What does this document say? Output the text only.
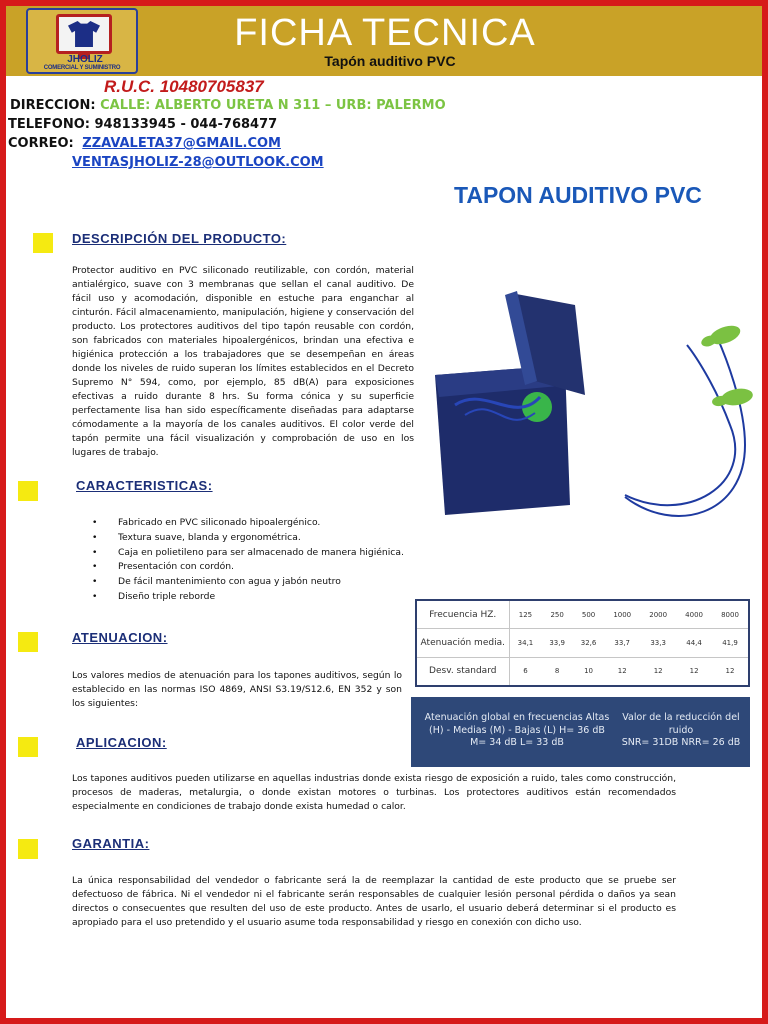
JHOLIZ
COMERCIAL Y SUMINISTRO
FICHA TECNICA
Tapón auditivo PVC
R.U.C. 10480705837
DIRECCION: CALLE: ALBERTO URETA N 311 – URB: PALERMO
TELEFONO: 948133945 - 044-768477
CORREO: ZZAVALETA37@GMAIL.COM
VENTASJHOLIZ-28@OUTLOOK.COM
TAPON AUDITIVO PVC
DESCRIPCIÓN DEL PRODUCTO:
Protector auditivo en PVC siliconado reutilizable, con cordón, material antialérgico, suave con 3 membranas que sellan el canal auditivo. De fácil uso y acomodación, disponible en estuche para enganchar al cinturón. Fácil almacenamiento, manipulación, higiene y conservación del producto. Los protectores auditivos del tipo tapón reusable con cordón, son fabricados con materiales hipoalergénicos, brindan una efectiva e higiénica protección a los trabajadores que se desempeñan en áreas donde los niveles de ruido superan los límites establecidos en el Decreto Supremo N° 594, como, por ejemplo, 85 dB(A) para exposiciones efectivas a ruido durante 8 hrs. Su forma cónica y su superficie perfectamente lisa han sido específicamente diseñadas para adaptarse cómodamente a la mayoría de los canales auditivos. El color verde del tapón permite una fácil visualización y comprobación de uso en los lugares de trabajo.
CARACTERISTICAS:
• Fabricado en PVC siliconado hipoalergénico.
• Textura suave, blanda y ergonométrica.
• Caja en polietileno para ser almacenado de manera higiénica.
• Presentación con cordón.
• De fácil mantenimiento con agua y jabón neutro
• Diseño triple reborde
ATENUACION:
Los valores medios de atenuación para los tapones auditivos, según lo establecido en las normas ISO 4869, ANSI S3.19/S12.6, EN 352 y son los siguientes:
APLICACION:
Los tapones auditivos pueden utilizarse en aquellas industrias donde exista riesgo de exposición a ruido, tales como construcción, procesos de maderas, metalurgia, o donde existan motores o turbinas. Los protectores auditivos están recomendados especialmente en condiciones de trabajo donde exista humedad o calor.
GARANTIA:
La única responsabilidad del vendedor o fabricante será la de reemplazar la cantidad de este producto que se pruebe ser defectuoso de fábrica. Ni el vendedor ni el fabricante serán responsables de cualquier lesión personal pérdida o daños ya sean directos o consecuentes que resulten del uso de este producto. Antes de usarlo, el usuario deberá determinar si el producto es apropiado para el uso pretendido y el usuario asume toda responsabilidad y riesgo en conexión con dicho uso.
Frecuencia HZ.	125	250	500	1000	2000	4000	8000
Atenuación media.	34,1	33,9	32,6	33,7	33,3	44,4	41,9
Desv. standard	6	8	10	12	12	12	12
Atenuación global en frecuencias Altas
(H) - Medias (M) - Bajas (L) H= 36 dB
M= 34 dB L= 33 dB
Valor de la reducción del
ruido
SNR= 31DB NRR= 26 dB
